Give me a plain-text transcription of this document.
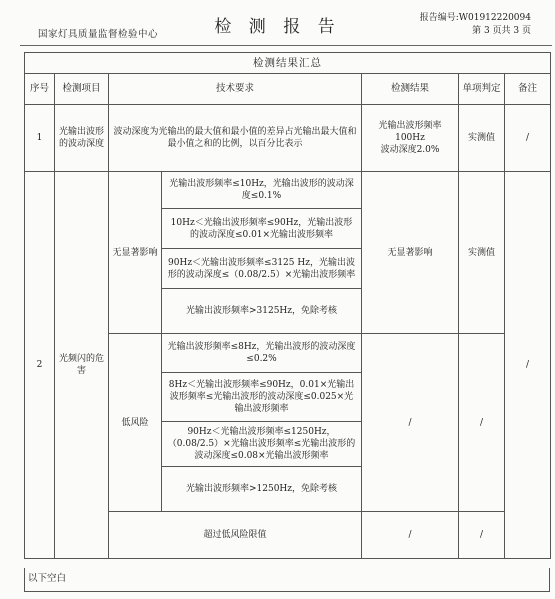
国家灯具质量监督检验中心	检 测 报 告	报告编号:W01912220094
第 3 页共 3 页
检测结果汇总						
序号	检测项目	技术要求		检测结果	单项判定	备注
1	光输出波形的波动深度	波动深度为光输出的最大值和最小值的差异占光输出最大值和最小值之和的比例，以百分比表示		光输出波形频率
100Hz
波动深度2.0%	实测值	/
2	光频闪的危害	无显著影响	光输出波形频率≤10Hz，光输出波形的波动深度≤0.1%
10Hz＜光输出波形频率≤90Hz，光输出波形的波动深度≤0.01×光输出波形频率
90Hz＜光输出波形频率≤3125 Hz，光输出波形的波动深度≤（0.08/2.5）×光输出波形频率
光输出波形频率>3125Hz，免除考核	无显著影响	实测值	/
		低风险	光输出波形频率≤8Hz，光输出波形的波动深度≤0.2%
8Hz＜光输出波形频率≤90Hz，0.01×光输出波形频率≤光输出波形的波动深度≤0.025×光输出波形频率
90Hz＜光输出波形频率≤1250Hz，（0.08/2.5）×光输出波形频率≤光输出波形的波动深度≤0.08×光输出波形频率
光输出波形频率>1250Hz，免除考核	/	/	
		超过低风险限值		/	/	
以下空白
